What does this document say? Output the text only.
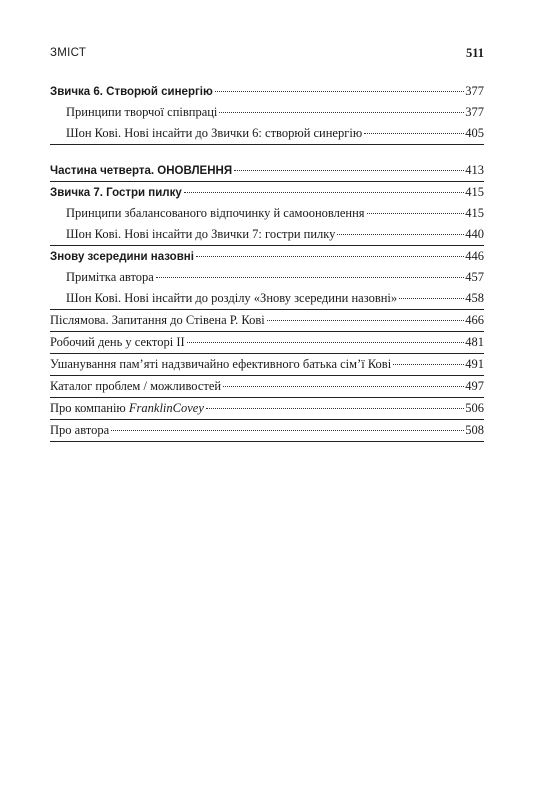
ЗМІСТ	511
Звичка 6. Створюй синергію	377
Принципи творчої співпраці	377
Шон Кові. Нові інсайти до Звички 6: створюй синергію	405
Частина четверта. ОНОВЛЕННЯ	413
Звичка 7. Гостри пилку	415
Принципи збалансованого відпочинку й самооновлення	415
Шон Кові. Нові інсайти до Звички 7: гостри пилку	440
Знову зсередини назовні	446
Примітка автора	457
Шон Кові. Нові інсайти до розділу «Знову зсередини назовні»	458
Післямова. Запитання до Стівена Р. Кові	466
Робочий день у секторі II	481
Ушанування пам’яті надзвичайно ефективного батька сім’ї Кові	491
Каталог проблем / можливостей	497
Про компанію FranklinCovey	506
Про автора	508
